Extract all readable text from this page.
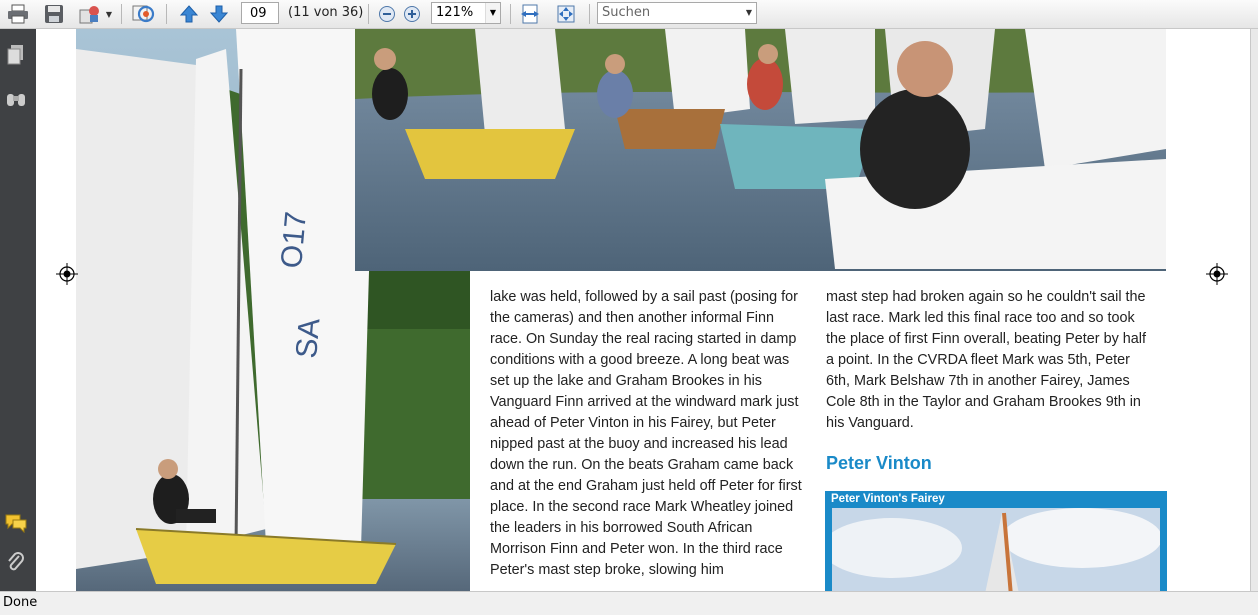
▼	09	(11 von 36)	121%	▼	Suchen	▼
O17
SA

lake was held, followed by a sail past (posing for the cameras) and then another informal Finn race. On Sunday the real racing started in damp conditions with a good breeze. A long beat was set up the lake and Graham Brookes in his Vanguard Finn arrived at the windward mark just ahead of Peter Vinton in his Fairey, but Peter nipped past at the buoy and increased his lead down the run. On the beats Graham came back and at the end Graham just held off Peter for first place. In the second race Mark Wheatley joined the leaders in his borrowed South African Morrison Finn and Peter won. In the third race Peter's mast step broke, slowing him

mast step had broken again so he couldn't sail the last race. Mark led this final race too and so took the place of first Finn overall, beating Peter by half a point. In the CVRDA fleet Mark was 5th, Peter 6th, Mark Belshaw 7th in another Fairey, James Cole 8th in the Taylor and Graham Brookes 9th in his Vanguard.

Peter Vinton
Peter Vinton's Fairey
Done
